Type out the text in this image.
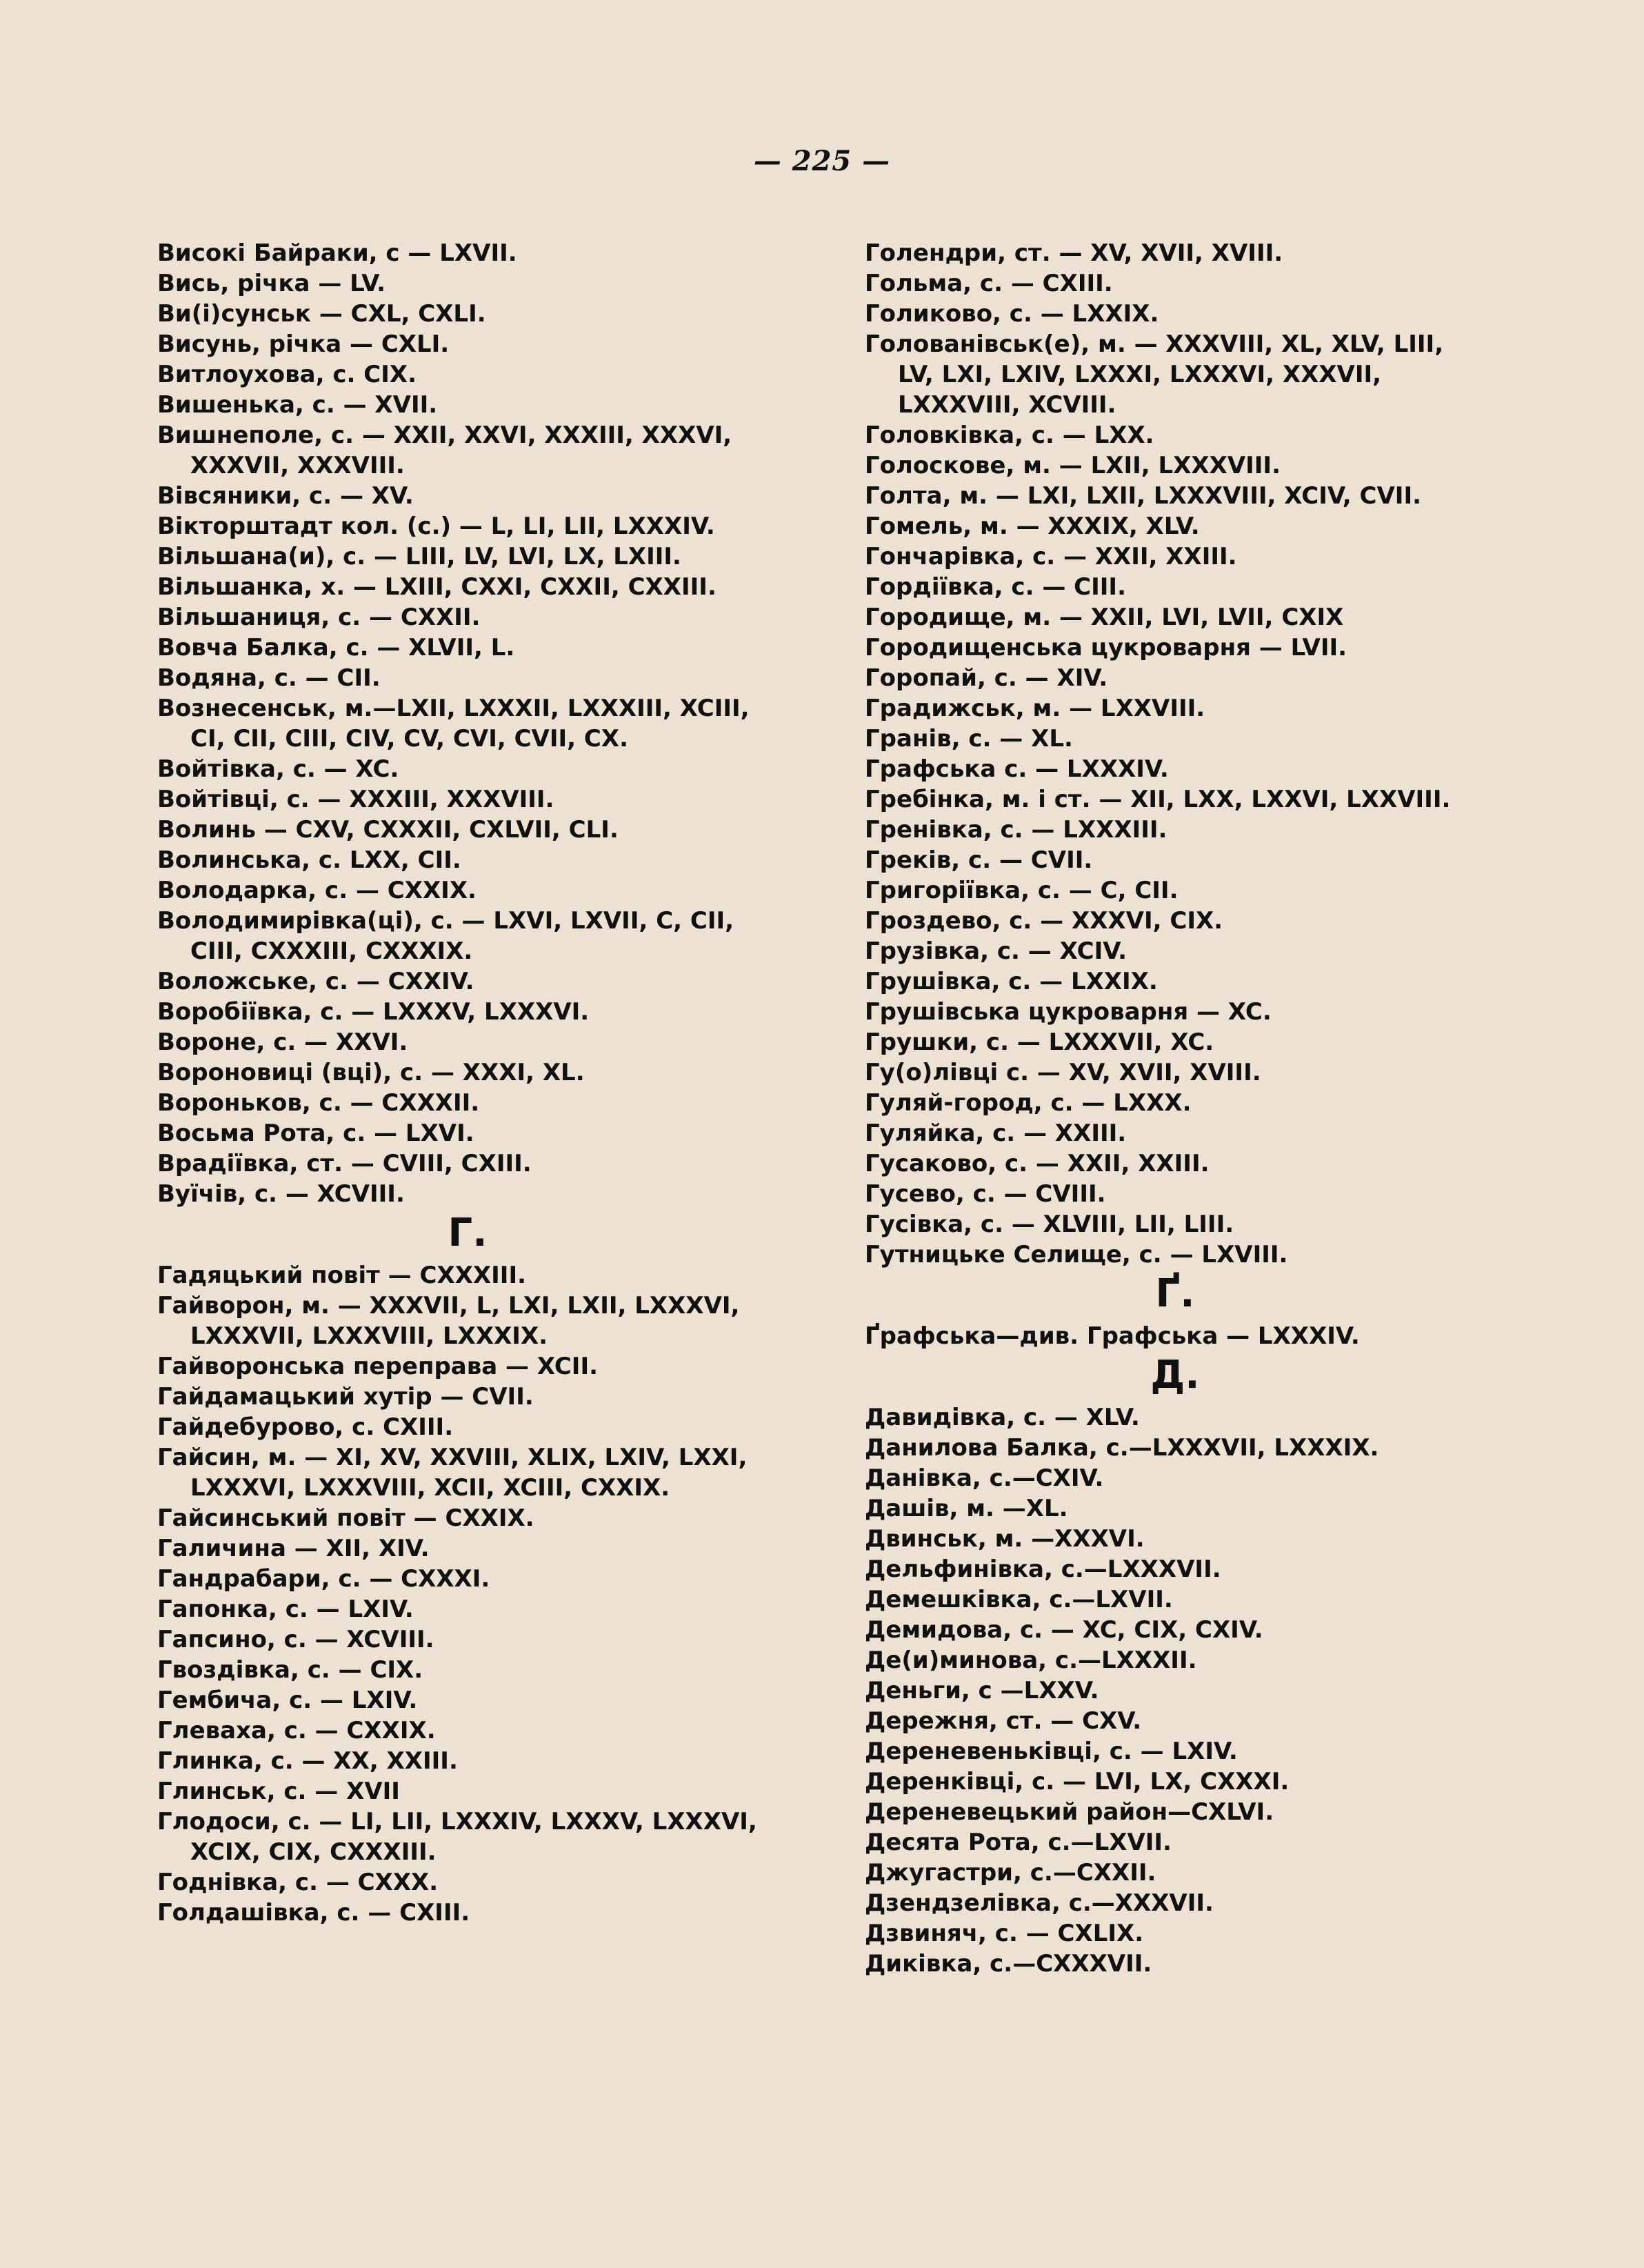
— 225 —
Високі Байраки, с — LXVII.
Вись, річка — LV.
Ви(і)сунськ — CXL, CXLI.
Висунь, річка — CXLI.
Витлоухова, с. CIX.
Вишенька, с. — XVII.
Вишнеполе, с. — XXII, XXVI, XXXIII, XXXVI, XXXVII, XXXVIII.
Вівсяники, с. — XV.
Вікторштадт кол. (с.) — L, LI, LII, LXXXIV.
Вільшана(и), с. — LIII, LV, LVI, LX, LXIII.
Вільшанка, х. — LXIII, CXXI, CXXII, CXXIII.
Вільшаниця, с. — CXXII.
Вовча Балка, с. — XLVII, L.
Водяна, с. — CII.
Вознесенськ, м.—LXII, LXXXII, LXXXIII, XCIII, CI, CII, CIII, CIV, CV, CVI, CVII, CX.
Войтівка, с. — XC.
Войтівці, с. — XXXIII, XXXVIII.
Волинь — CXV, CXXXII, CXLVII, CLI.
Волинська, с. LXX, CII.
Володарка, с. — CXXIX.
Володимирівка(ці), с. — LXVI, LXVII, C, CII, CIII, CXXXIII, CXXXIX.
Воложське, с. — CXXIV.
Воробіївка, с. — LXXXV, LXXXVI.
Вороне, с. — XXVI.
Вороновиці (вці), с. — XXXI, XL.
Вороньков, с. — CXXXII.
Восьма Рота, с. — LXVI.
Врадіївка, ст. — CVIII, CXIII.
Вуїчів, с. — XCVIII.
Г.
Гадяцький повіт — CXXXIII.
Гайворон, м. — XXXVII, L, LXI, LXII, LXXXVI, LXXXVII, LXXXVIII, LXXXIX.
Гайворонська переправа — XCII.
Гайдамацький хутір — CVII.
Гайдебурово, с. CXIII.
Гайсин, м. — XI, XV, XXVIII, XLIX, LXIV, LXXI, LXXXVI, LXXXVIII, XCII, XCIII, CXXIX.
Гайсинський повіт — CXXIX.
Галичина — XII, XIV.
Гандрабари, с. — CXXXI.
Гапонка, с. — LXIV.
Гапсино, с. — XCVIII.
Гвоздівка, с. — CIX.
Гембича, с. — LXIV.
Глеваха, с. — CXXIX.
Глинка, с. — XX, XXIII.
Глинськ, с. — XVII
Глодоси, с. — LI, LII, LXXXIV, LXXXV, LXXXVI, XCIX, CIX, CXXXIII.
Годнівка, с. — CXXX.
Голдашівка, с. — CXIII.
Голендри, ст. — XV, XVII, XVIII.
Гольма, с. — CXIII.
Голиково, с. — LXXIX.
Голованівськ(е), м. — XXXVIII, XL, XLV, LIII, LV, LXI, LXIV, LXXXI, LXXXVI, XXXVII, LXXXVIII, XCVIII.
Головківка, с. — LXX.
Голоскове, м. — LXII, LXXXVIII.
Голта, м. — LXI, LXII, LXXXVIII, XCIV, CVII.
Гомель, м. — XXXIX, XLV.
Гончарівка, с. — XXII, XXIII.
Гордіївка, с. — CIII.
Городище, м. — XXII, LVI, LVII, CXIX
Городищенська цукроварня — LVII.
Горопай, с. — XIV.
Градижськ, м. — LXXVIII.
Гранів, с. — XL.
Графська с. — LXXXIV.
Гребінка, м. і ст. — XII, LXX, LXXVI, LXXVIII.
Гренівка, с. — LXXXIII.
Греків, с. — CVII.
Григоріївка, с. — C, CII.
Гроздево, с. — XXXVI, CIX.
Грузівка, с. — XCIV.
Грушівка, с. — LXXIX.
Грушівська цукроварня — XC.
Грушки, с. — LXXXVII, XC.
Гу(о)лівці с. — XV, XVII, XVIII.
Гуляй-город, с. — LXXX.
Гуляйка, с. — XXIII.
Гусаково, с. — XXII, XXIII.
Гусево, с. — CVIII.
Гусівка, с. — XLVIII, LII, LIII.
Гутницьке Селище, с. — LXVIII.
Ґ.
Ґрафська—див. Графська — LXXXIV.
Д.
Давидівка, с. — XLV.
Данилова Балка, с.—LXXXVII, LXXXIX.
Данівка, с.—CXIV.
Дашів, м. —XL.
Двинськ, м. —XXXVI.
Дельфинівка, с.—LXXXVII.
Демешківка, с.—LXVII.
Демидова, с. — XC, CIX, CXIV.
Де(и)минова, с.—LXXXII.
Деньги, с —LXXV.
Дережня, ст. — CXV.
Дереневеньківці, с. — LXIV.
Деренківці, с. — LVI, LX, CXXXI.
Дереневецький район—CXLVI.
Десята Рота, с.—LXVII.
Джугастри, с.—CXXII.
Дзендзелівка, с.—XXXVII.
Дзвиняч, с. — CXLIX.
Диківка, с.—CXXXVII.
